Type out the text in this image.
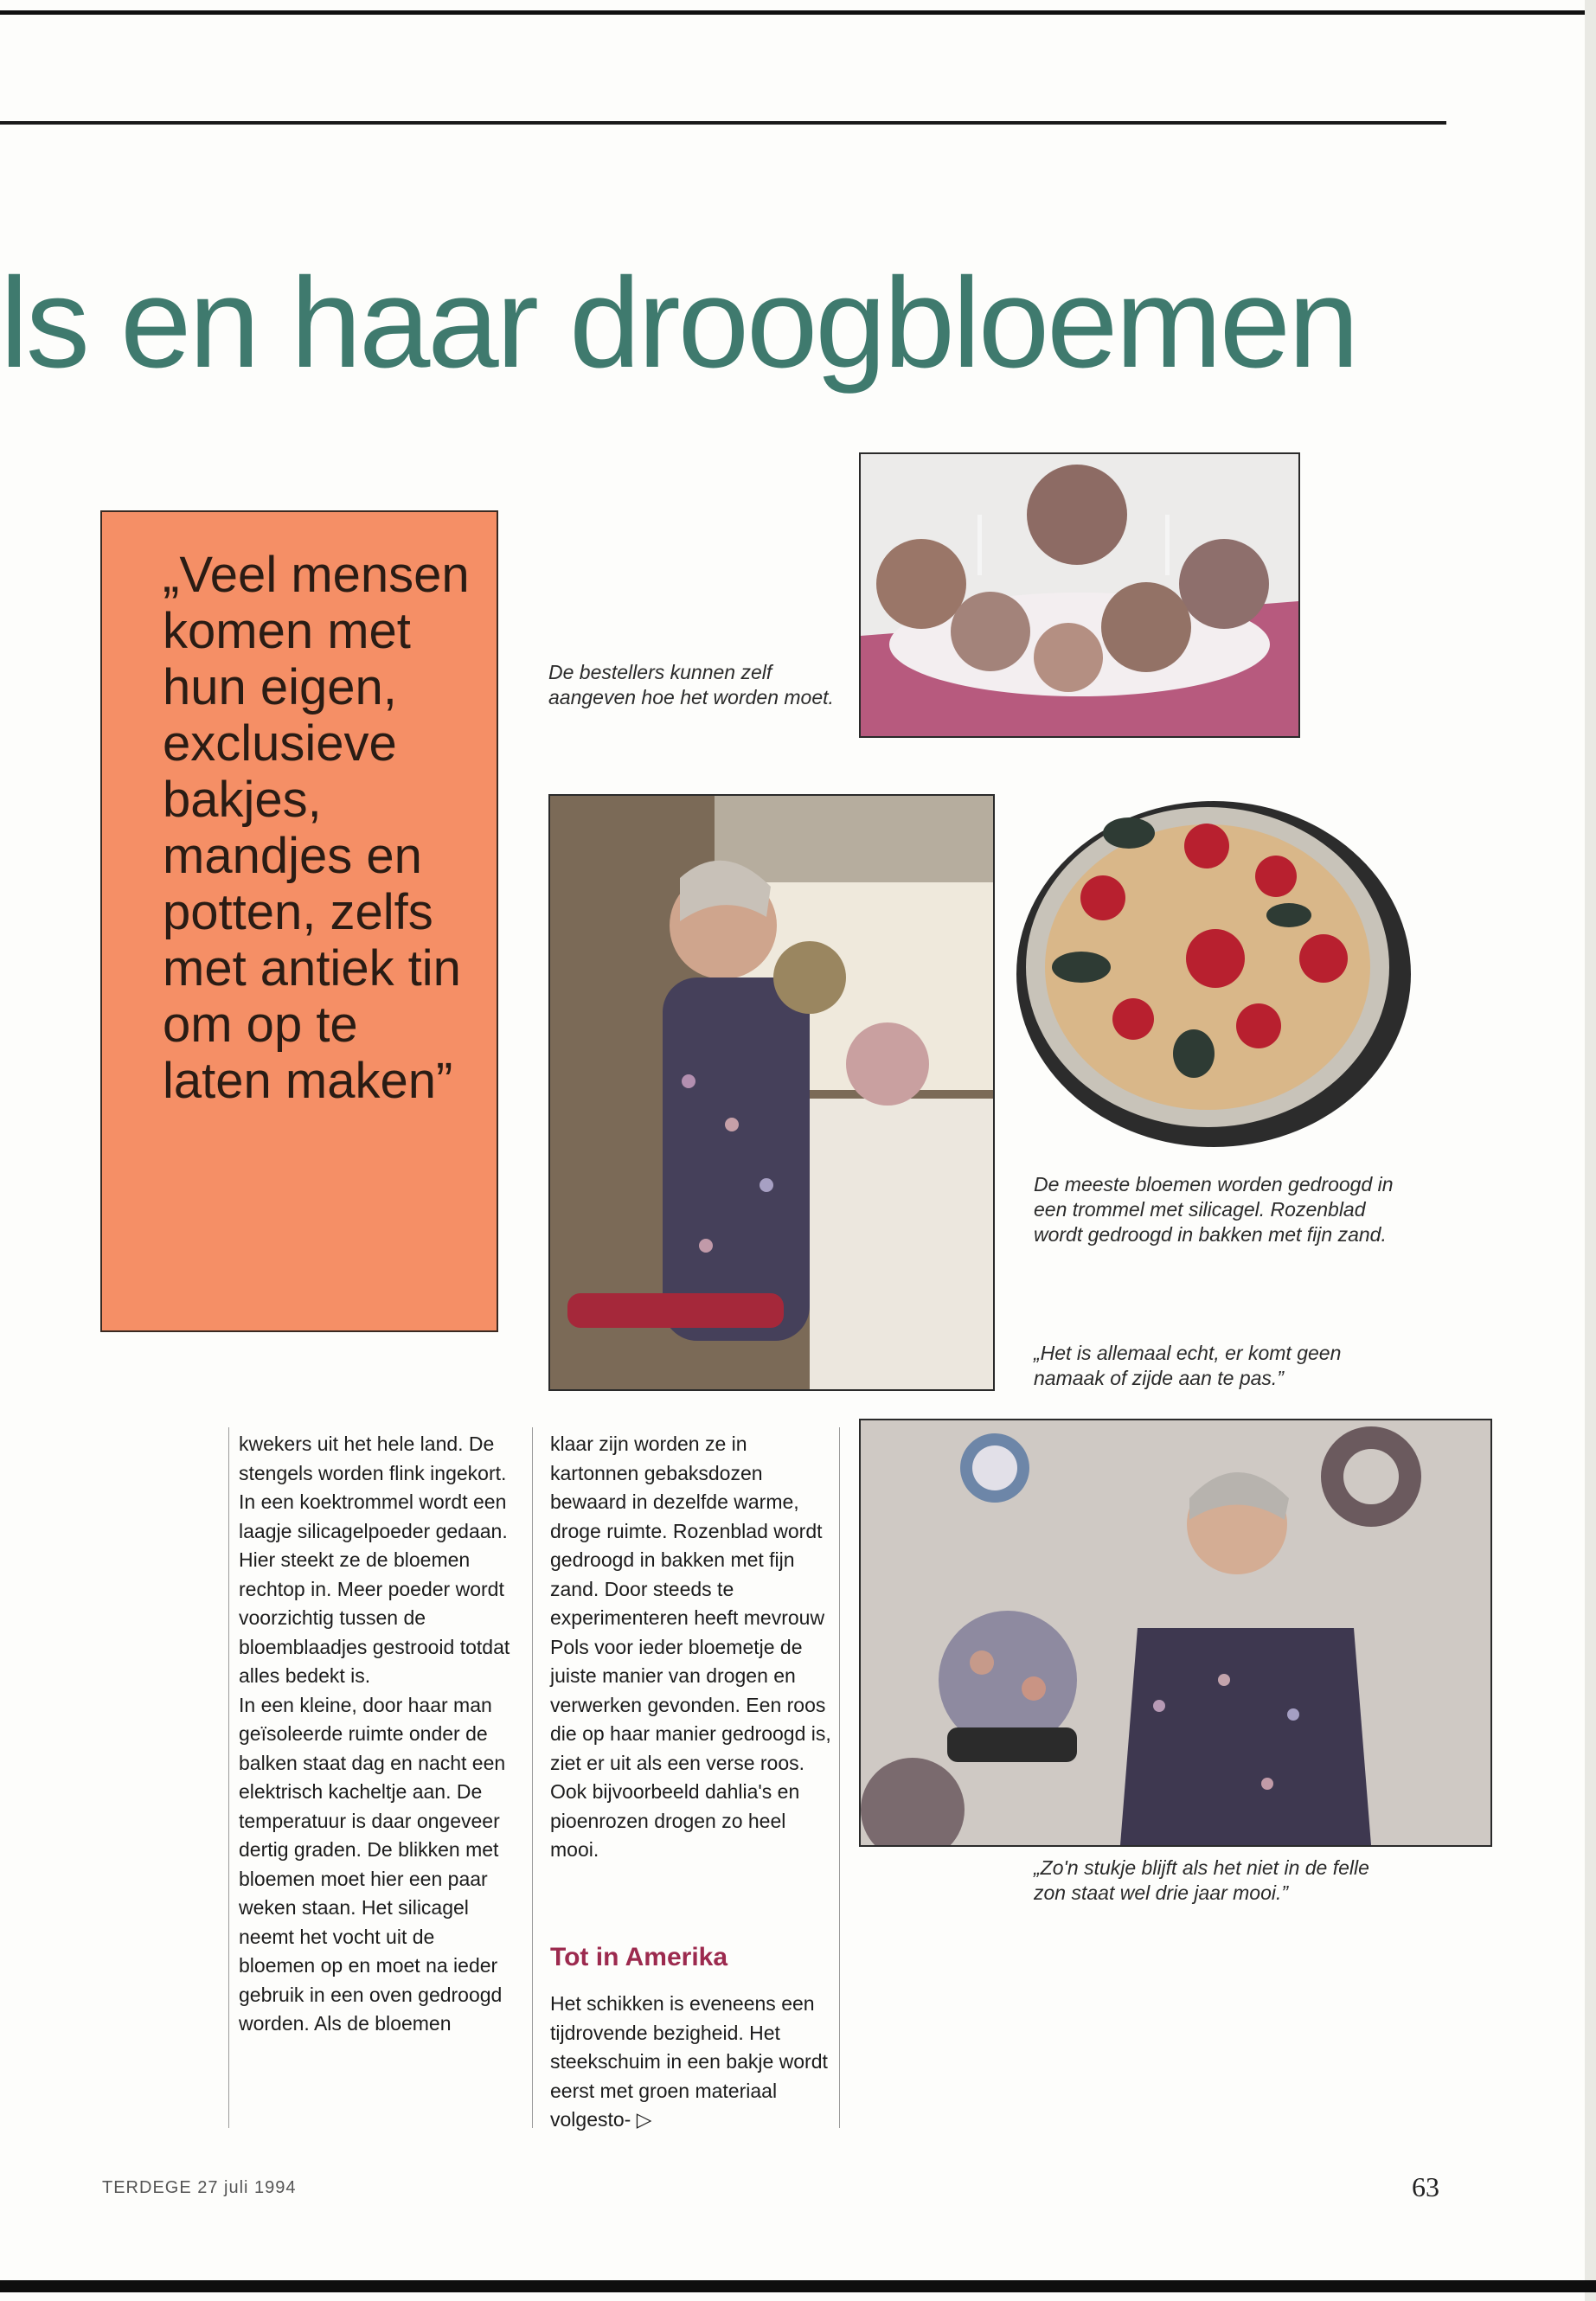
ls en haar droogbloemen
„Veel mensen komen met hun eigen, exclusieve bakjes, mandjes en potten, zelfs met antiek tin om op te laten maken”
De bestellers kunnen zelf aangeven hoe het worden moet.
De meeste bloemen worden gedroogd in een trommel met silicagel. Rozenblad wordt gedroogd in bakken met fijn zand.
„Het is allemaal echt, er komt geen namaak of zijde aan te pas.”
„Zo'n stukje blijft als het niet in de felle zon staat wel drie jaar mooi.”

kwekers uit het hele land. De stengels worden flink ingekort. In een koektrommel wordt een laagje silicagelpoeder gedaan. Hier steekt ze de bloemen rechtop in. Meer poeder wordt voorzichtig tussen de bloemblaadjes gestrooid totdat alles bedekt is.

In een kleine, door haar man geïsoleerde ruimte onder de balken staat dag en nacht een elektrisch kacheltje aan. De temperatuur is daar ongeveer dertig graden. De blikken met bloemen moet hier een paar weken staan. Het silicagel neemt het vocht uit de bloemen op en moet na ieder gebruik in een oven gedroogd worden. Als de bloemen

klaar zijn worden ze in kartonnen gebaksdozen bewaard in dezelfde warme, droge ruimte. Rozenblad wordt gedroogd in bakken met fijn zand. Door steeds te experimenteren heeft mevrouw Pols voor ieder bloemetje de juiste manier van drogen en verwerken gevonden. Een roos die op haar manier gedroogd is, ziet er uit als een verse roos. Ook bijvoorbeeld dahlia's en pioenrozen drogen zo heel mooi.

Tot in Amerika

Het schikken is eveneens een tijdrovende bezigheid. Het steekschuim in een bakje wordt eerst met groen materiaal volgesto- ▷

TERDEGE 27 juli 1994	63
